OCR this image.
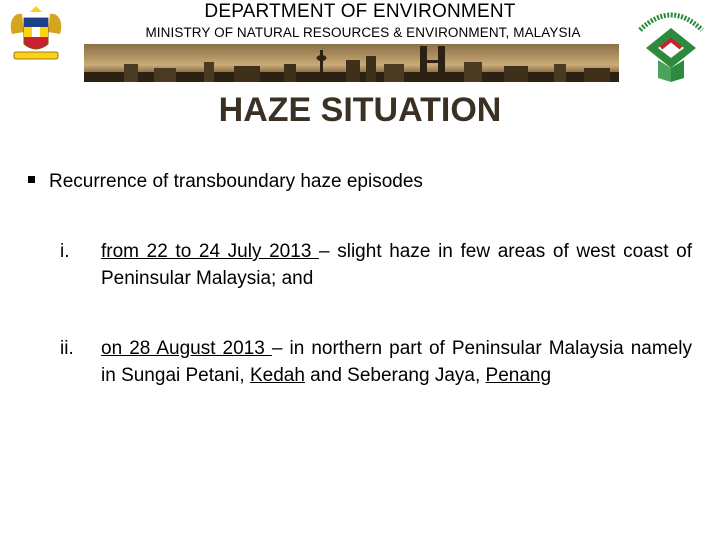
DEPARTMENT OF ENVIRONMENT
MINISTRY OF NATURAL RESOURCES & ENVIRONMENT, MALAYSIA
HAZE SITUATION
Recurrence of transboundary haze episodes
i. from 22 to 24 July 2013 – slight haze in few areas of west coast of Peninsular Malaysia; and
ii. on 28 August 2013 – in northern part of Peninsular Malaysia namely in Sungai Petani, Kedah and Seberang Jaya, Penang
